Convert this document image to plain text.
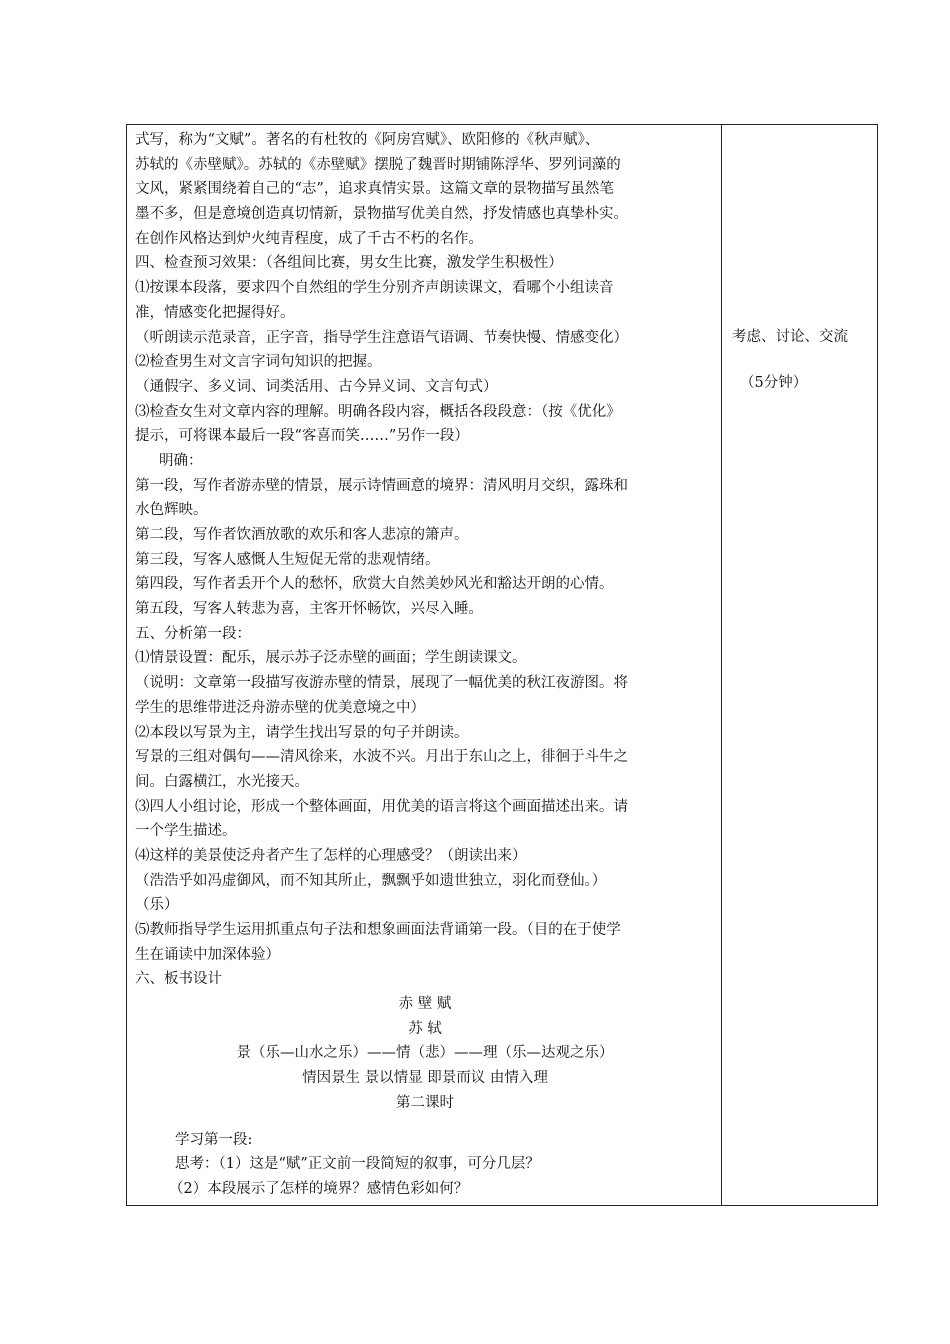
式写，称为“文赋”。著名的有杜牧的《阿房宫赋》、欧阳修的《秋声赋》、
苏轼的《赤壁赋》。苏轼的《赤壁赋》摆脱了魏晋时期铺陈浮华、罗列词藻的
文风，紧紧围绕着自己的“志”，追求真情实景。这篇文章的景物描写虽然笔
墨不多，但是意境创造真切情新，景物描写优美自然，抒发情感也真挚朴实。
在创作风格达到炉火纯青程度，成了千古不朽的名作。
四、检查预习效果：（各组间比赛，男女生比赛，激发学生积极性）
⑴按课本段落，要求四个自然组的学生分别齐声朗读课文，看哪个小组读音
准，情感变化把握得好。
（听朗读示范录音，正字音，指导学生注意语气语调、节奏快慢、情感变化）
⑵检查男生对文言字词句知识的把握。
（通假字、多义词、词类活用、古今异义词、文言句式）
⑶检查女生对文章内容的理解。明确各段内容，概括各段段意：（按《优化》
提示，可将课本最后一段“客喜而笑……”另作一段）
明确：
第一段，写作者游赤壁的情景，展示诗情画意的境界：清风明月交织，露珠和
水色辉映。
第二段，写作者饮酒放歌的欢乐和客人悲凉的箫声。
第三段，写客人感慨人生短促无常的悲观情绪。
第四段，写作者丢开个人的愁怀，欣赏大自然美妙风光和豁达开朗的心情。
第五段，写客人转悲为喜，主客开怀畅饮，兴尽入睡。
五、分析第一段：
⑴情景设置：配乐，展示苏子泛赤壁的画面；学生朗读课文。
（说明：文章第一段描写夜游赤壁的情景，展现了一幅优美的秋江夜游图。将
学生的思维带进泛舟游赤壁的优美意境之中）
⑵本段以写景为主，请学生找出写景的句子并朗读。
写景的三组对偶句——清风徐来，水波不兴。月出于东山之上，徘徊于斗牛之
间。白露横江，水光接天。
⑶四人小组讨论，形成一个整体画面，用优美的语言将这个画面描述出来。请
一个学生描述。
⑷这样的美景使泛舟者产生了怎样的心理感受？（朗读出来）
（浩浩乎如冯虚御风，而不知其所止，飘飘乎如遗世独立，羽化而登仙。）
（乐）
⑸教师指导学生运用抓重点句子法和想象画面法背诵第一段。（目的在于使学
生在诵读中加深体验）
六、板书设计
赤 壁 赋
苏 轼
景（乐—山水之乐）——情（悲）——理（乐—达观之乐）
情因景生 景以情显 即景而议 由情入理
第二课时
学习第一段:
思考：（1）这是“赋”正文前一段简短的叙事，可分几层？
（2）本段展示了怎样的境界？感情色彩如何？
考虑、讨论、交流
（5分钟）
